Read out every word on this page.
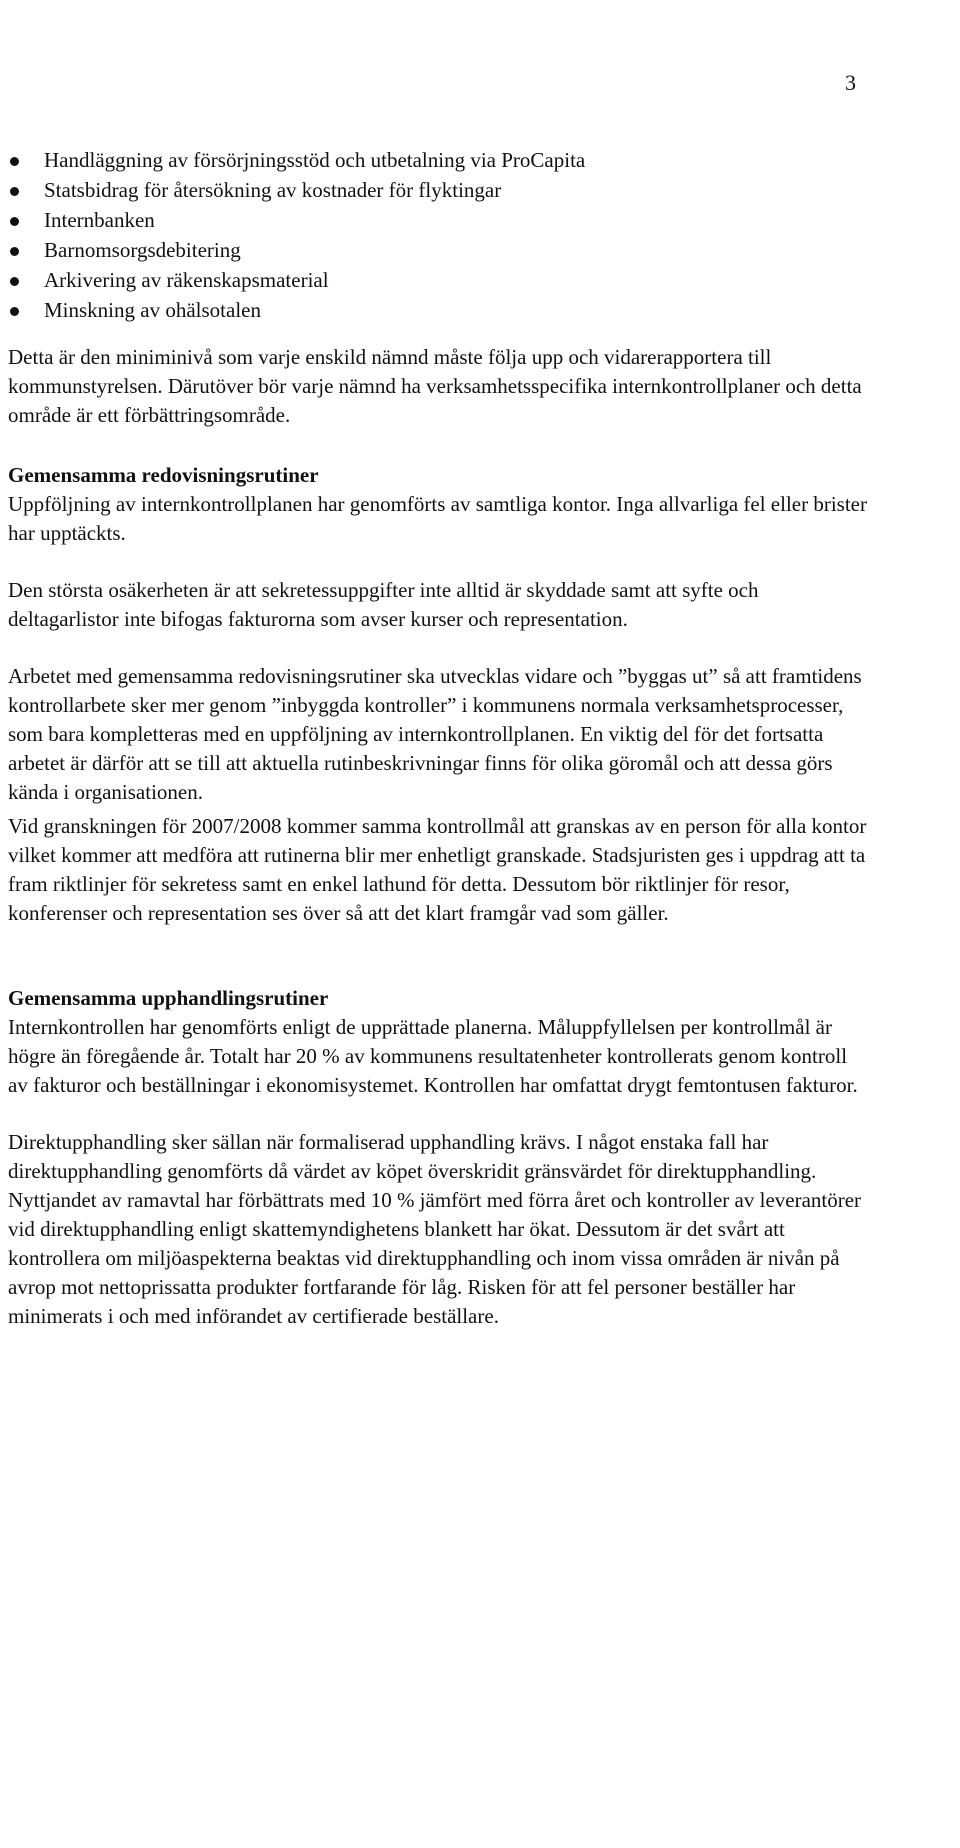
3
Handläggning av försörjningsstöd och utbetalning via ProCapita
Statsbidrag för återsökning av kostnader för flyktingar
Internbanken
Barnomsorgsdebitering
Arkivering av räkenskapsmaterial
Minskning av ohälsotalen

Detta är den miniminivå som varje enskild nämnd måste följa upp och vidarerapportera till kommunstyrelsen. Därutöver bör varje nämnd ha verksamhetsspecifika internkontrollplaner och detta område är ett förbättringsområde.

Gemensamma redovisningsrutiner

Uppföljning av internkontrollplanen har genomförts av samtliga kontor. Inga allvarliga fel eller brister har upptäckts.

Den största osäkerheten är att sekretessuppgifter inte alltid är skyddade samt att syfte och deltagarlistor inte bifogas fakturorna som avser kurser och representation.

Arbetet med gemensamma redovisningsrutiner ska utvecklas vidare och ”byggas ut” så att framtidens kontrollarbete sker mer genom ”inbyggda kontroller” i kommunens normala verksamhetsprocesser, som bara kompletteras med en uppföljning av internkontrollplanen. En viktig del för det fortsatta arbetet är därför att se till att aktuella rutinbeskrivningar finns för olika göromål och att dessa görs kända i organisationen.

Vid granskningen för 2007/2008 kommer samma kontrollmål att granskas av en person för alla kontor vilket kommer att medföra att rutinerna blir mer enhetligt granskade. Stadsjuristen ges i uppdrag att ta fram riktlinjer för sekretess samt en enkel lathund för detta. Dessutom bör riktlinjer för resor, konferenser och representation ses över så att det klart framgår vad som gäller.

Gemensamma upphandlingsrutiner

Internkontrollen har genomförts enligt de upprättade planerna. Måluppfyllelsen per kontrollmål är högre än föregående år. Totalt har 20 % av kommunens resultatenheter kontrollerats genom kontroll av fakturor och beställningar i ekonomisystemet. Kontrollen har omfattat drygt femtontusen fakturor.

Direktupphandling sker sällan när formaliserad upphandling krävs. I något enstaka fall har direktupphandling genomförts då värdet av köpet överskridit gränsvärdet för direktupphandling. Nyttjandet av ramavtal har förbättrats med 10 % jämfört med förra året och kontroller av leverantörer vid direktupphandling enligt skattemyndighetens blankett har ökat. Dessutom är det svårt att kontrollera om miljöaspekterna beaktas vid direktupphandling och inom vissa områden är nivån på avrop mot nettoprissatta produkter fortfarande för låg. Risken för att fel personer beställer har minimerats i och med införandet av certifierade beställare.
